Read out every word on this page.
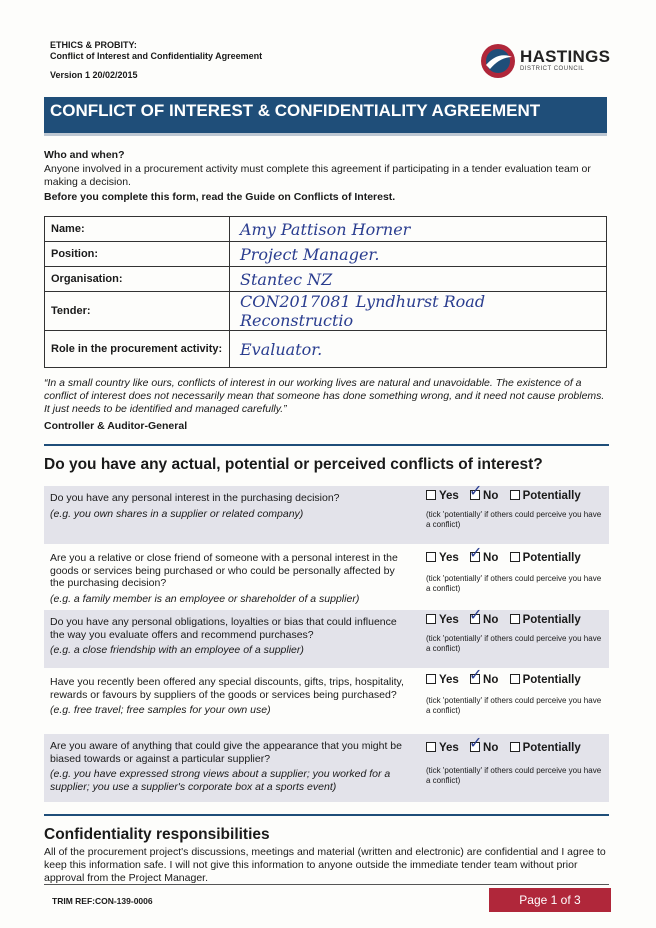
ETHICS & PROBITY:
Conflict of Interest and Confidentiality Agreement
Version 1 20/02/2015
HASTINGS
DISTRICT COUNCIL
CONFLICT OF INTEREST & CONFIDENTIALITY AGREEMENT
Who and when?
Anyone involved in a procurement activity must complete this agreement if participating in a tender evaluation team or making a decision.
Before you complete this form, read the Guide on Conflicts of Interest.
Name:	Amy Pattison Horner
Position:	Project Manager.
Organisation:	Stantec NZ
Tender:	CON2017081 Lyndhurst Road Reconstructio
Role in the procurement activity:	Evaluator.
“In a small country like ours, conflicts of interest in our working lives are natural and unavoidable. The existence of a conflict of interest does not necessarily mean that someone has done something wrong, and it need not cause problems. It just needs to be identified and managed carefully.”
Controller & Auditor-General
Do you have any actual, potential or perceived conflicts of interest?
Do you have any personal interest in the purchasing decision?
(e.g. you own shares in a supplier or related company)
Yes ✓ No Potentially
(tick 'potentially' if others could perceive you have a conflict)
Are you a relative or close friend of someone with a personal interest in the goods or services being purchased or who could be personally affected by the purchasing decision?
(e.g. a family member is an employee or shareholder of a supplier)
Yes ✓ No Potentially
(tick 'potentially' if others could perceive you have a conflict)
Do you have any personal obligations, loyalties or bias that could influence the way you evaluate offers and recommend purchases?
(e.g. a close friendship with an employee of a supplier)
Yes ✓ No Potentially
(tick 'potentially' if others could perceive you have a conflict)
Have you recently been offered any special discounts, gifts, trips, hospitality, rewards or favours by suppliers of the goods or services being purchased?
(e.g. free travel; free samples for your own use)
Yes ✓ No Potentially
(tick 'potentially' if others could perceive you have a conflict)
Are you aware of anything that could give the appearance that you might be biased towards or against a particular supplier?
(e.g. you have expressed strong views about a supplier; you worked for a supplier; you use a supplier's corporate box at a sports event)
Yes ✓ No Potentially
(tick 'potentially' if others could perceive you have a conflict)
Confidentiality responsibilities
All of the procurement project's discussions, meetings and material (written and electronic) are confidential and I agree to keep this information safe. I will not give this information to anyone outside the immediate tender team without prior approval from the Project Manager.
TRIM REF:CON-139-0006	Page 1 of 3
